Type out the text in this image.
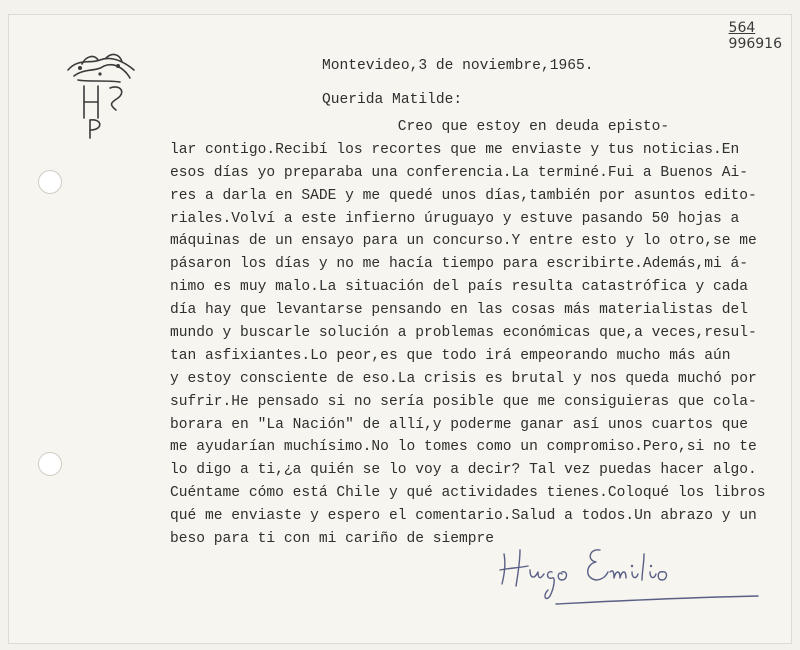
564
996916
Montevideo,3 de noviembre,1965.
Querida Matilde:
Creo que estoy en deuda episto-
lar contigo.Recibí los recortes que me enviaste y tus noticias.En
esos días yo preparaba una conferencia.La terminé.Fui a Buenos Ai-
res a darla en SADE y me quedé unos días,también por asuntos edito-
riales.Volví a este infierno úruguayo y estuve pasando 50 hojas a
máquinas de un ensayo para un concurso.Y entre esto y lo otro,se me
pásaron los días y no me hacía tiempo para escribirte.Además,mi á-
nimo es muy malo.La situación del país resulta catastrófica y cada
día hay que levantarse pensando en las cosas más materialistas del
mundo y buscarle solución a problemas económicas que,a veces,resul-
tan asfixiantes.Lo peor,es que todo irá empeorando mucho más aún
y estoy consciente de eso.La crisis es brutal y nos queda muchó por
sufrir.He pensado si no sería posible que me consiguieras que cola-
borara en "La Nación" de allí,y poderme ganar así unos cuartos que
me ayudarían muchísimo.No lo tomes como un compromiso.Pero,si no te
lo digo a ti,¿a quién se lo voy a decir? Tal vez puedas hacer algo.
Cuéntame cómo está Chile y qué actividades tienes.Coloqué los libros
qué me enviaste y espero el comentario.Salud a todos.Un abrazo y un
beso para ti con mi cariño de siempre
